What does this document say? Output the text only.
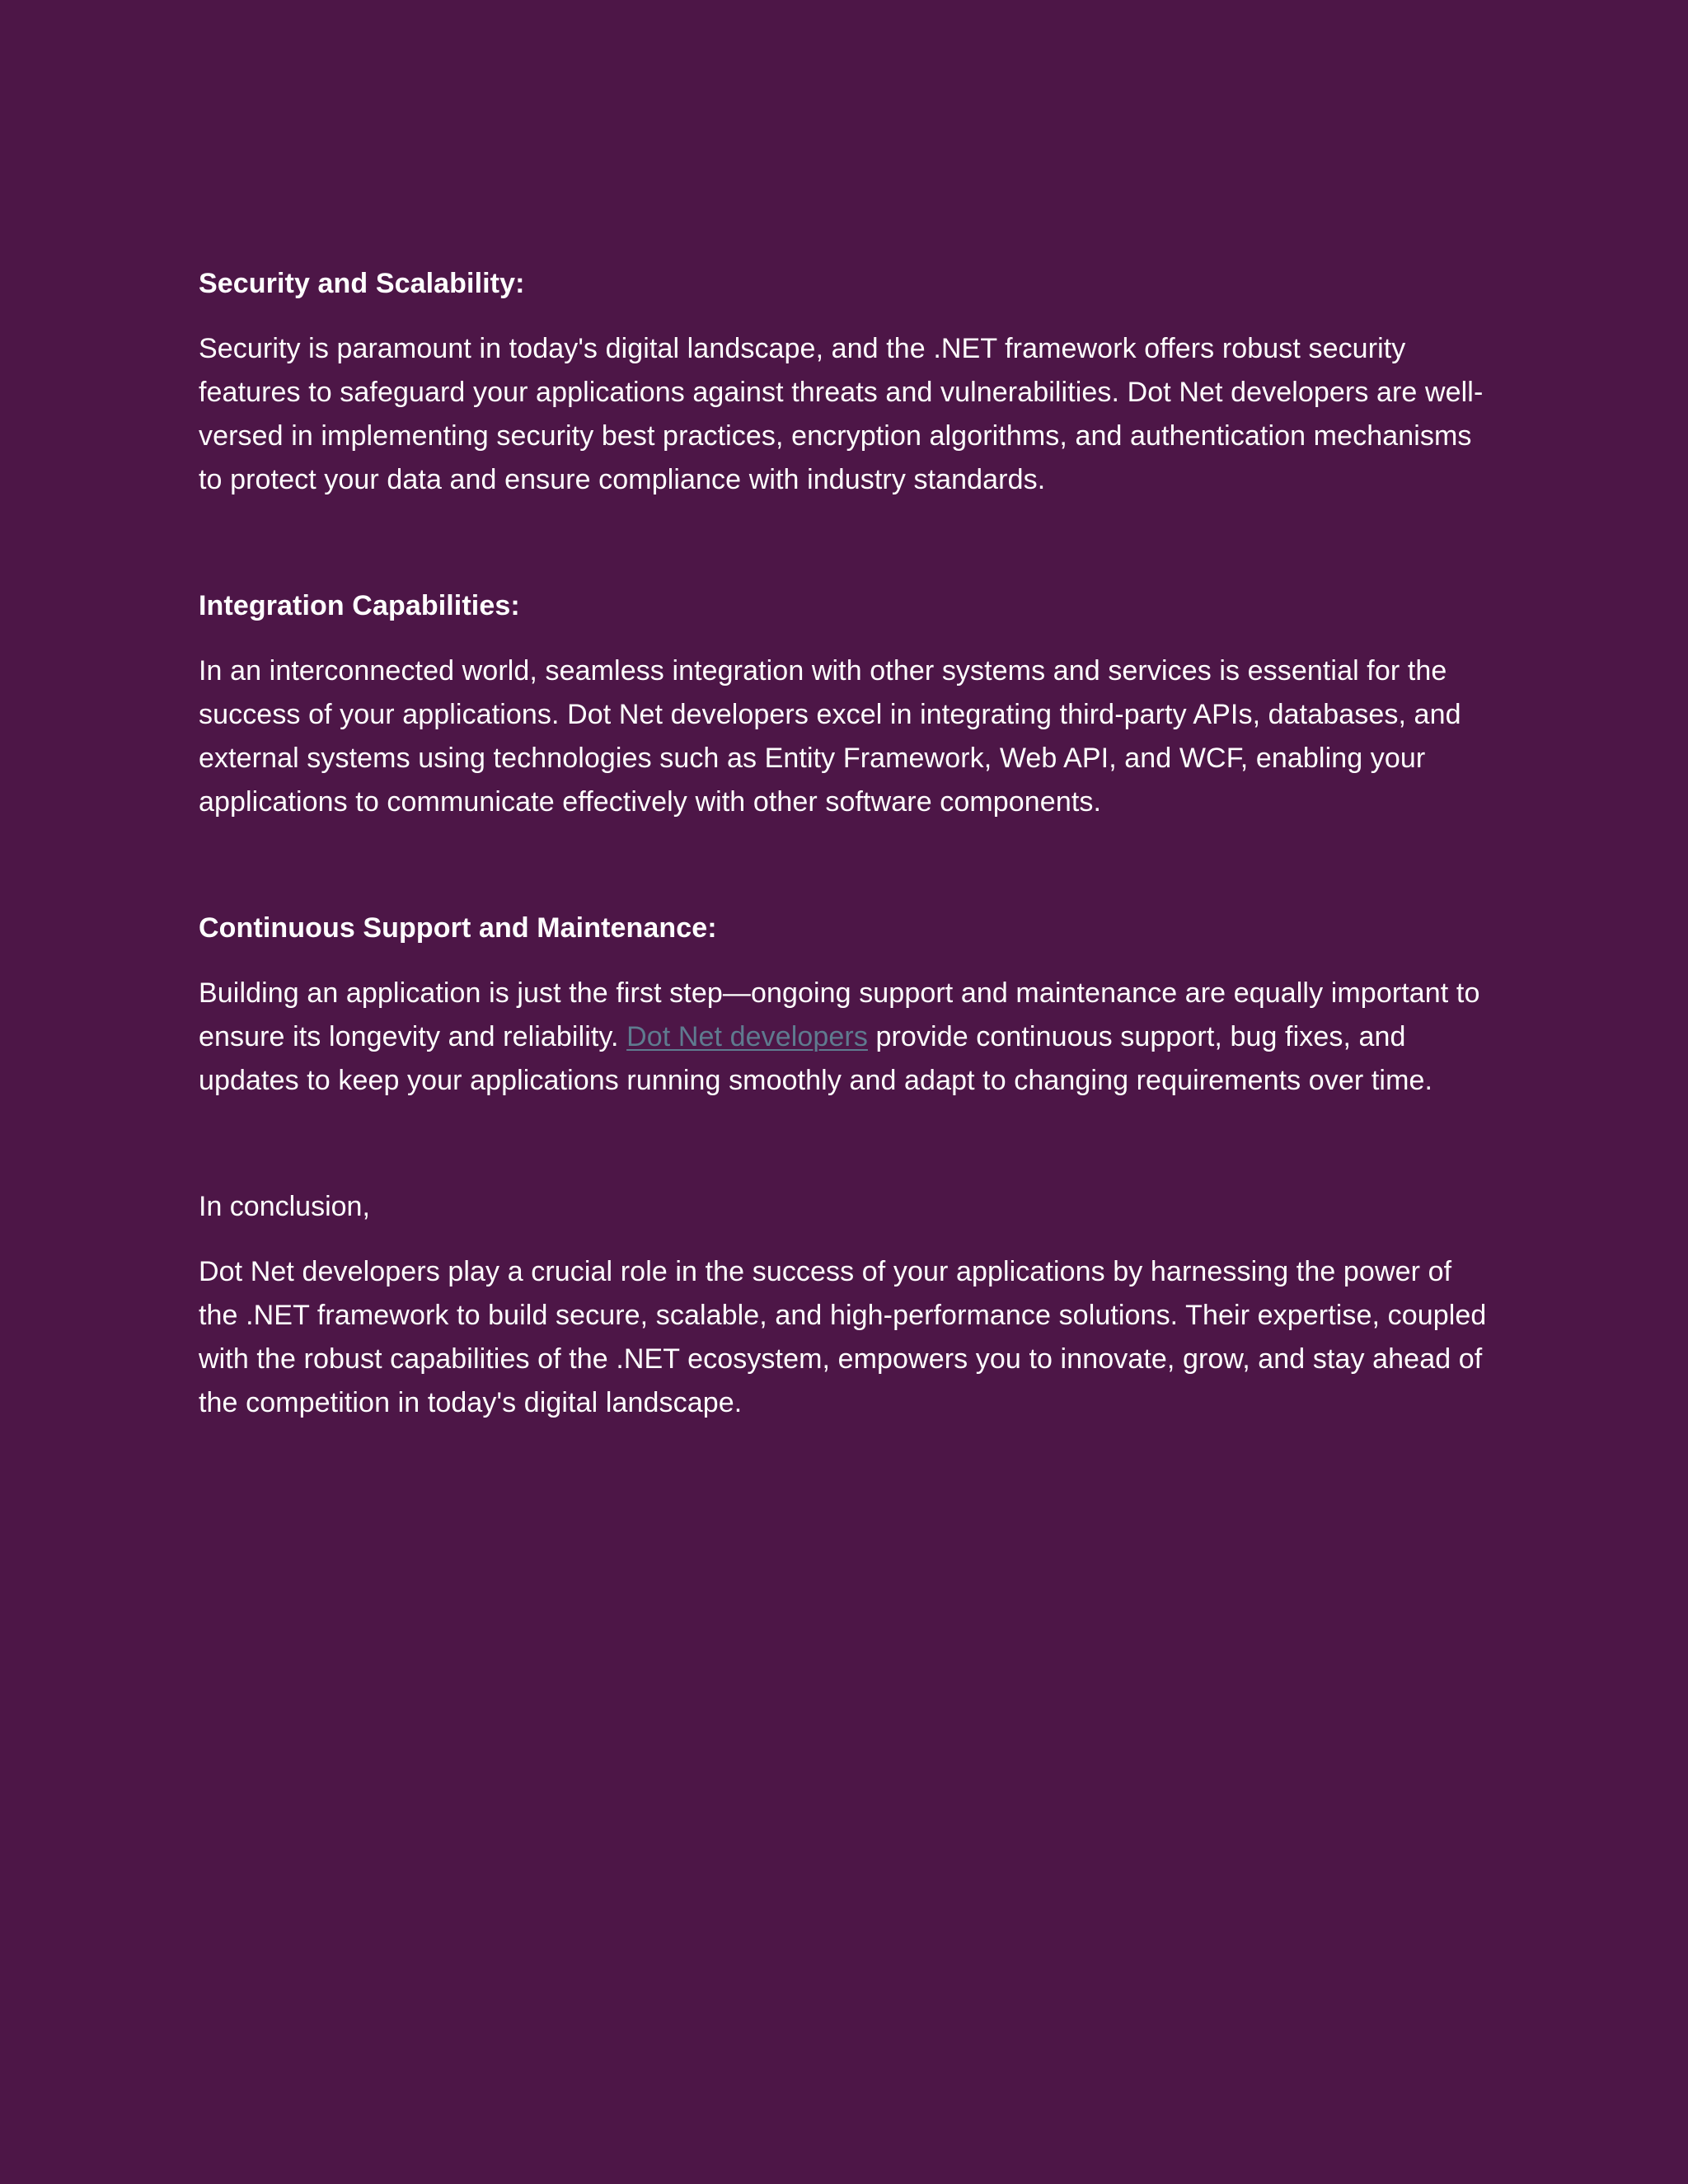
Security and Scalability:

Security is paramount in today's digital landscape, and the .NET framework offers robust security features to safeguard your applications against threats and vulnerabilities. Dot Net developers are well-versed in implementing security best practices, encryption algorithms, and authentication mechanisms to protect your data and ensure compliance with industry standards.

Integration Capabilities:

In an interconnected world, seamless integration with other systems and services is essential for the success of your applications. Dot Net developers excel in integrating third-party APIs, databases, and external systems using technologies such as Entity Framework, Web API, and WCF, enabling your applications to communicate effectively with other software components.

Continuous Support and Maintenance:

Building an application is just the first step—ongoing support and maintenance are equally important to ensure its longevity and reliability. Dot Net developers provide continuous support, bug fixes, and updates to keep your applications running smoothly and adapt to changing requirements over time.

In conclusion,

Dot Net developers play a crucial role in the success of your applications by harnessing the power of the .NET framework to build secure, scalable, and high-performance solutions. Their expertise, coupled with the robust capabilities of the .NET ecosystem, empowers you to innovate, grow, and stay ahead of the competition in today's digital landscape.
